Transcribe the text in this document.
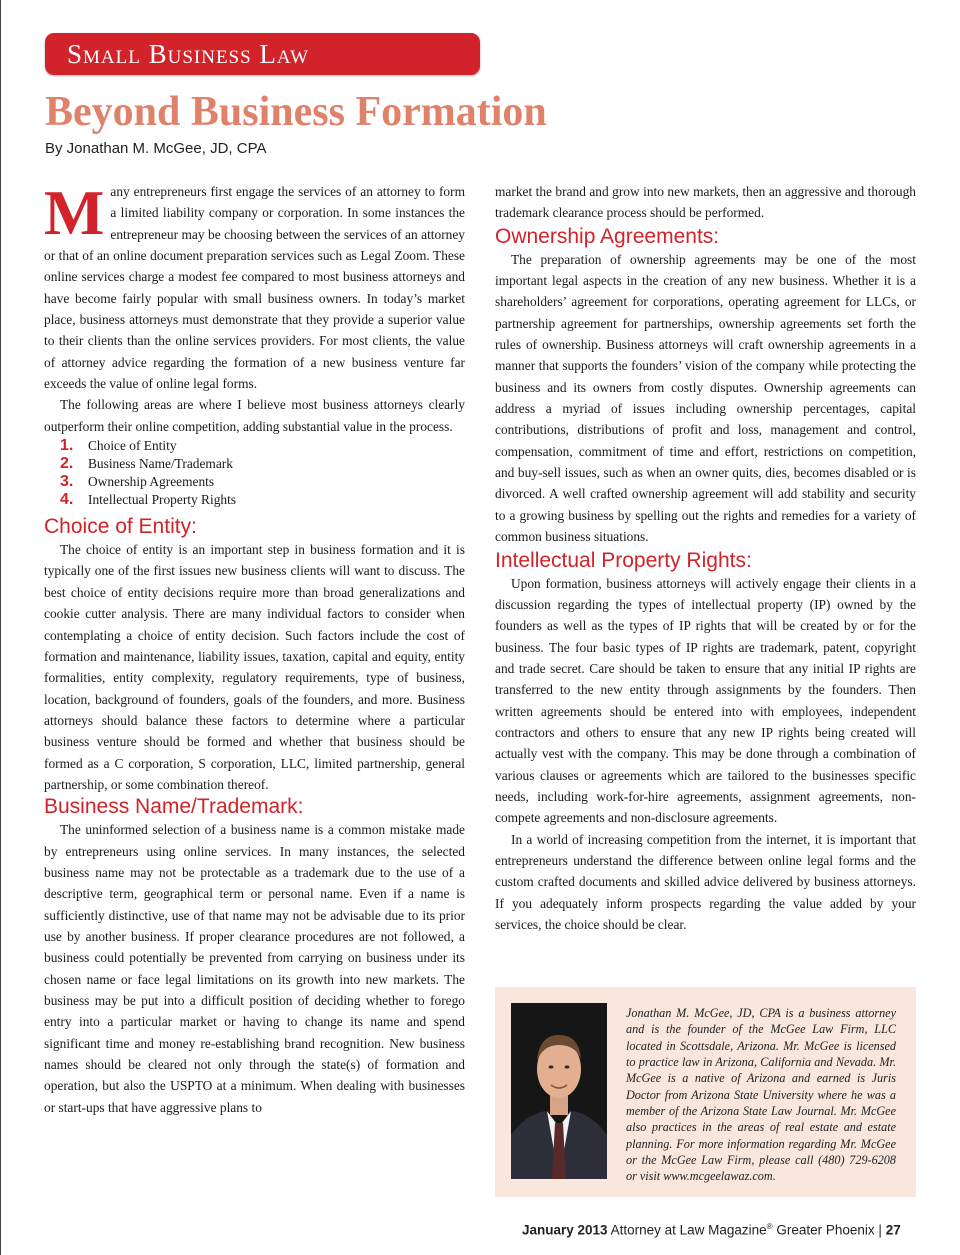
Small Business Law
Beyond Business Formation
By Jonathan M. McGee, JD, CPA

Many entrepreneurs first engage the services of an attorney to form a limited liability company or corporation. In some instances the entrepreneur may be choosing between the services of an attorney or that of an online document preparation services such as Legal Zoom. These online services charge a modest fee compared to most business attorneys and have become fairly popular with small business owners. In today’s market place, business attorneys must demonstrate that they provide a superior value to their clients than the online services providers. For most clients, the value of attorney advice regarding the formation of a new business venture far exceeds the value of online legal forms.

The following areas are where I believe most business attorneys clearly outperform their online competition, adding substantial value in the process.

1.	Choice of Entity
2.	Business Name/Trademark
3.	Ownership Agreements
4.	Intellectual Property Rights
Choice of Entity:

The choice of entity is an important step in business formation and it is typically one of the first issues new business clients will want to discuss. The best choice of entity decisions require more than broad generalizations and cookie cutter analysis. There are many individual factors to consider when contemplating a choice of entity decision. Such factors include the cost of formation and maintenance, liability issues, taxation, capital and equity, entity formalities, entity complexity, regulatory requirements, type of business, location, background of founders, goals of the founders, and more. Business attorneys should balance these factors to determine where a particular business venture should be formed and whether that business should be formed as a C corporation, S corporation, LLC, limited partnership, general partnership, or some combination thereof.

Business Name/Trademark:

The uninformed selection of a business name is a common mistake made by entrepreneurs using online services. In many instances, the selected business name may not be protectable as a trademark due to the use of a descriptive term, geographical term or personal name. Even if a name is sufficiently distinctive, use of that name may not be advisable due to its prior use by another business. If proper clearance procedures are not followed, a business could potentially be prevented from carrying on business under its chosen name or face legal limitations on its growth into new markets. The business may be put into a difficult position of deciding whether to forego entry into a particular market or having to change its name and spend significant time and money re-establishing brand recognition. New business names should be cleared not only through the state(s) of formation and operation, but also the USPTO at a minimum. When dealing with businesses or start-ups that have aggressive plans to

market the brand and grow into new markets, then an aggressive and thorough trademark clearance process should be performed.

Ownership Agreements:

The preparation of ownership agreements may be one of the most important legal aspects in the creation of any new business. Whether it is a shareholders’ agreement for corporations, operating agreement for LLCs, or partnership agreement for partnerships, ownership agreements set forth the rules of ownership. Business attorneys will craft ownership agreements in a manner that supports the founders’ vision of the company while protecting the business and its owners from costly disputes. Ownership agreements can address a myriad of issues including ownership percentages, capital contributions, distributions of profit and loss, management and control, compensation, commitment of time and effort, restrictions on competition, and buy-sell issues, such as when an owner quits, dies, becomes disabled or is divorced. A well crafted ownership agreement will add stability and security to a growing business by spelling out the rights and remedies for a variety of common business situations.

Intellectual Property Rights:

Upon formation, business attorneys will actively engage their clients in a discussion regarding the types of intellectual property (IP) owned by the founders as well as the types of IP rights that will be created by or for the business. The four basic types of IP rights are trademark, patent, copyright and trade secret. Care should be taken to ensure that any initial IP rights are transferred to the new entity through assignments by the founders. Then written agreements should be entered into with employees, independent contractors and others to ensure that any new IP rights being created will actually vest with the company. This may be done through a combination of various clauses or agreements which are tailored to the businesses specific needs, including work-for-hire agreements, assignment agreements, non-compete agreements and non-disclosure agreements.

In a world of increasing competition from the internet, it is important that entrepreneurs understand the difference between online legal forms and the custom crafted documents and skilled advice delivered by business attorneys. If you adequately inform prospects regarding the value added by your services, the choice should be clear.

Jonathan M. McGee, JD, CPA is a business attorney and is the founder of the McGee Law Firm, LLC located in Scottsdale, Arizona. Mr. McGee is licensed to practice law in Arizona, California and Nevada. Mr. McGee is a native of Arizona and earned is Juris Doctor from Arizona State University where he was a member of the Arizona State Law Journal. Mr. McGee also practices in the areas of real estate and estate planning. For more information regarding Mr. McGee or the McGee Law Firm, please call (480) 729-6208 or visit www.mcgeelawaz.com.

January 2013 Attorney at Law Magazine® Greater Phoenix | 27
